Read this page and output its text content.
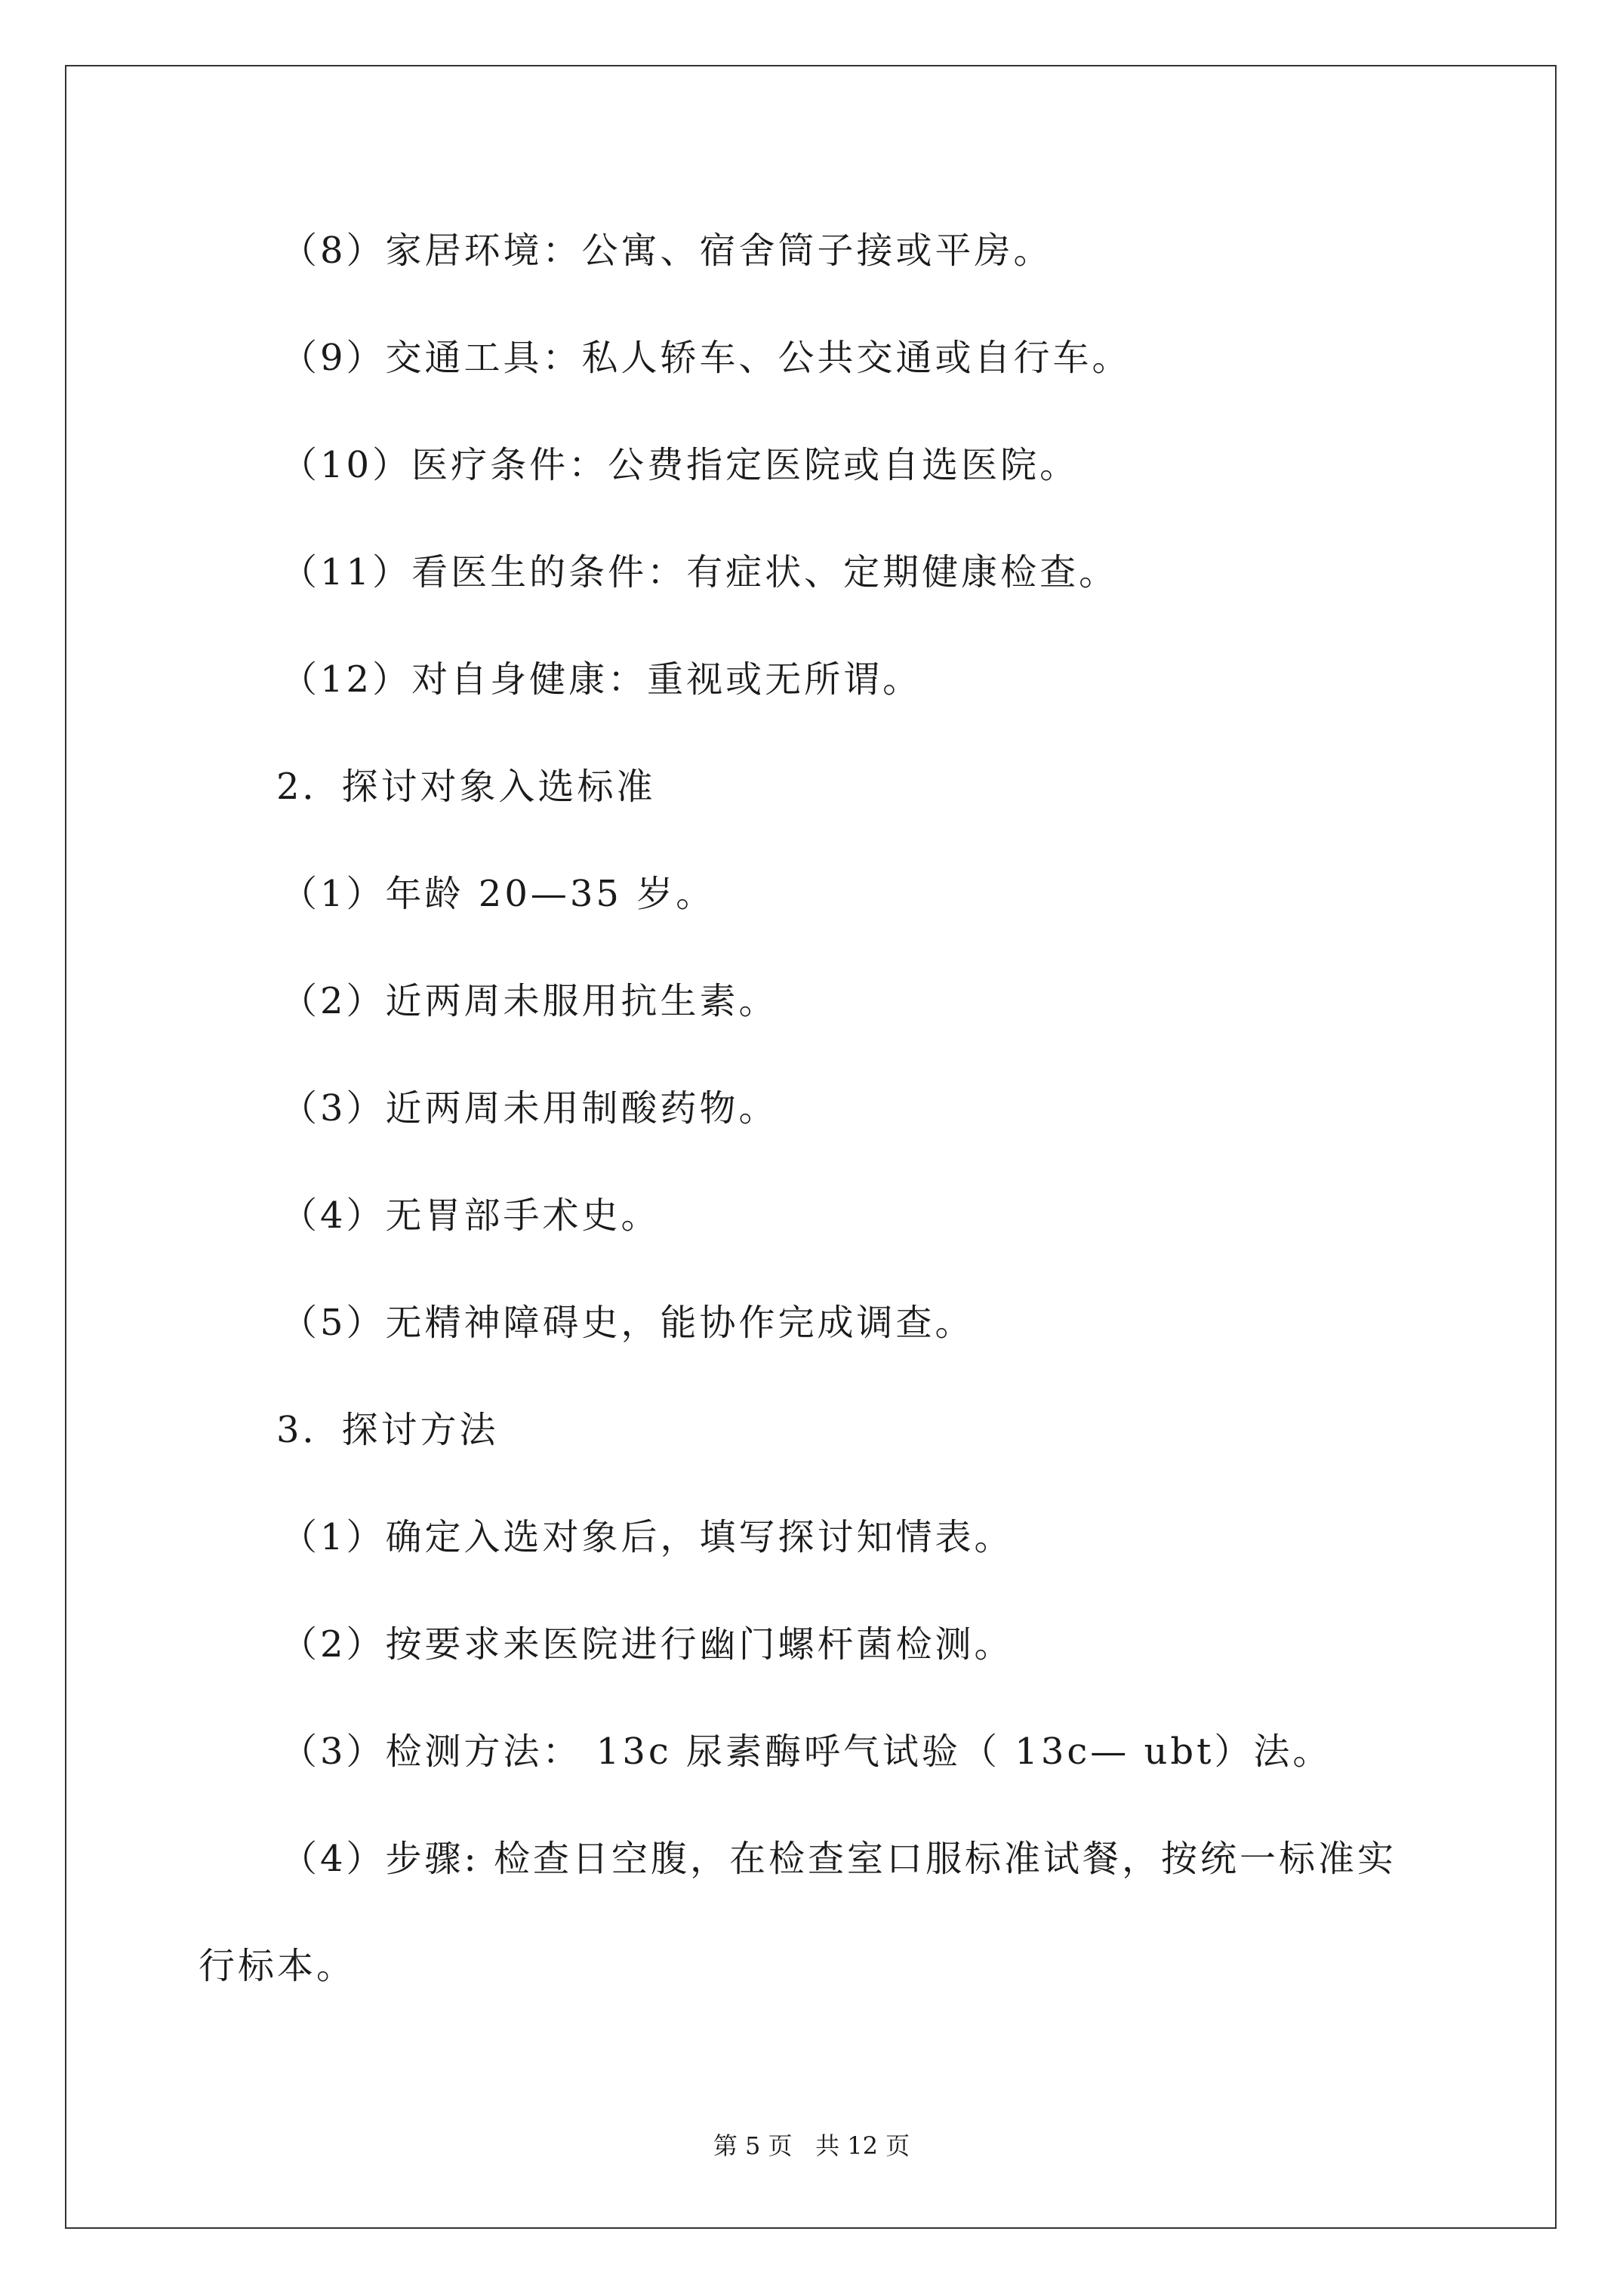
（8）家居环境：公寓、宿舍筒子接或平房。
（9）交通工具：私人轿车、公共交通或自行车。
（10）医疗条件：公费指定医院或自选医院。
（11）看医生的条件：有症状、定期健康检查。
（12）对自身健康：重视或无所谓。
2．探讨对象入选标准
（1）年龄 20—35 岁。
（2）近两周未服用抗生素。
（3）近两周未用制酸药物。
（4）无胃部手术史。
（5）无精神障碍史，能协作完成调查。
3．探讨方法
（1）确定入选对象后，填写探讨知情表。
（2）按要求来医院进行幽门螺杆菌检测。
（3）检测方法： 13c 尿素酶呼气试验（ 13c— ubt）法。
（4）步骤: 检查日空腹，在检查室口服标准试餐，按统一标准实
行标本。
第 5 页 共 12 页
